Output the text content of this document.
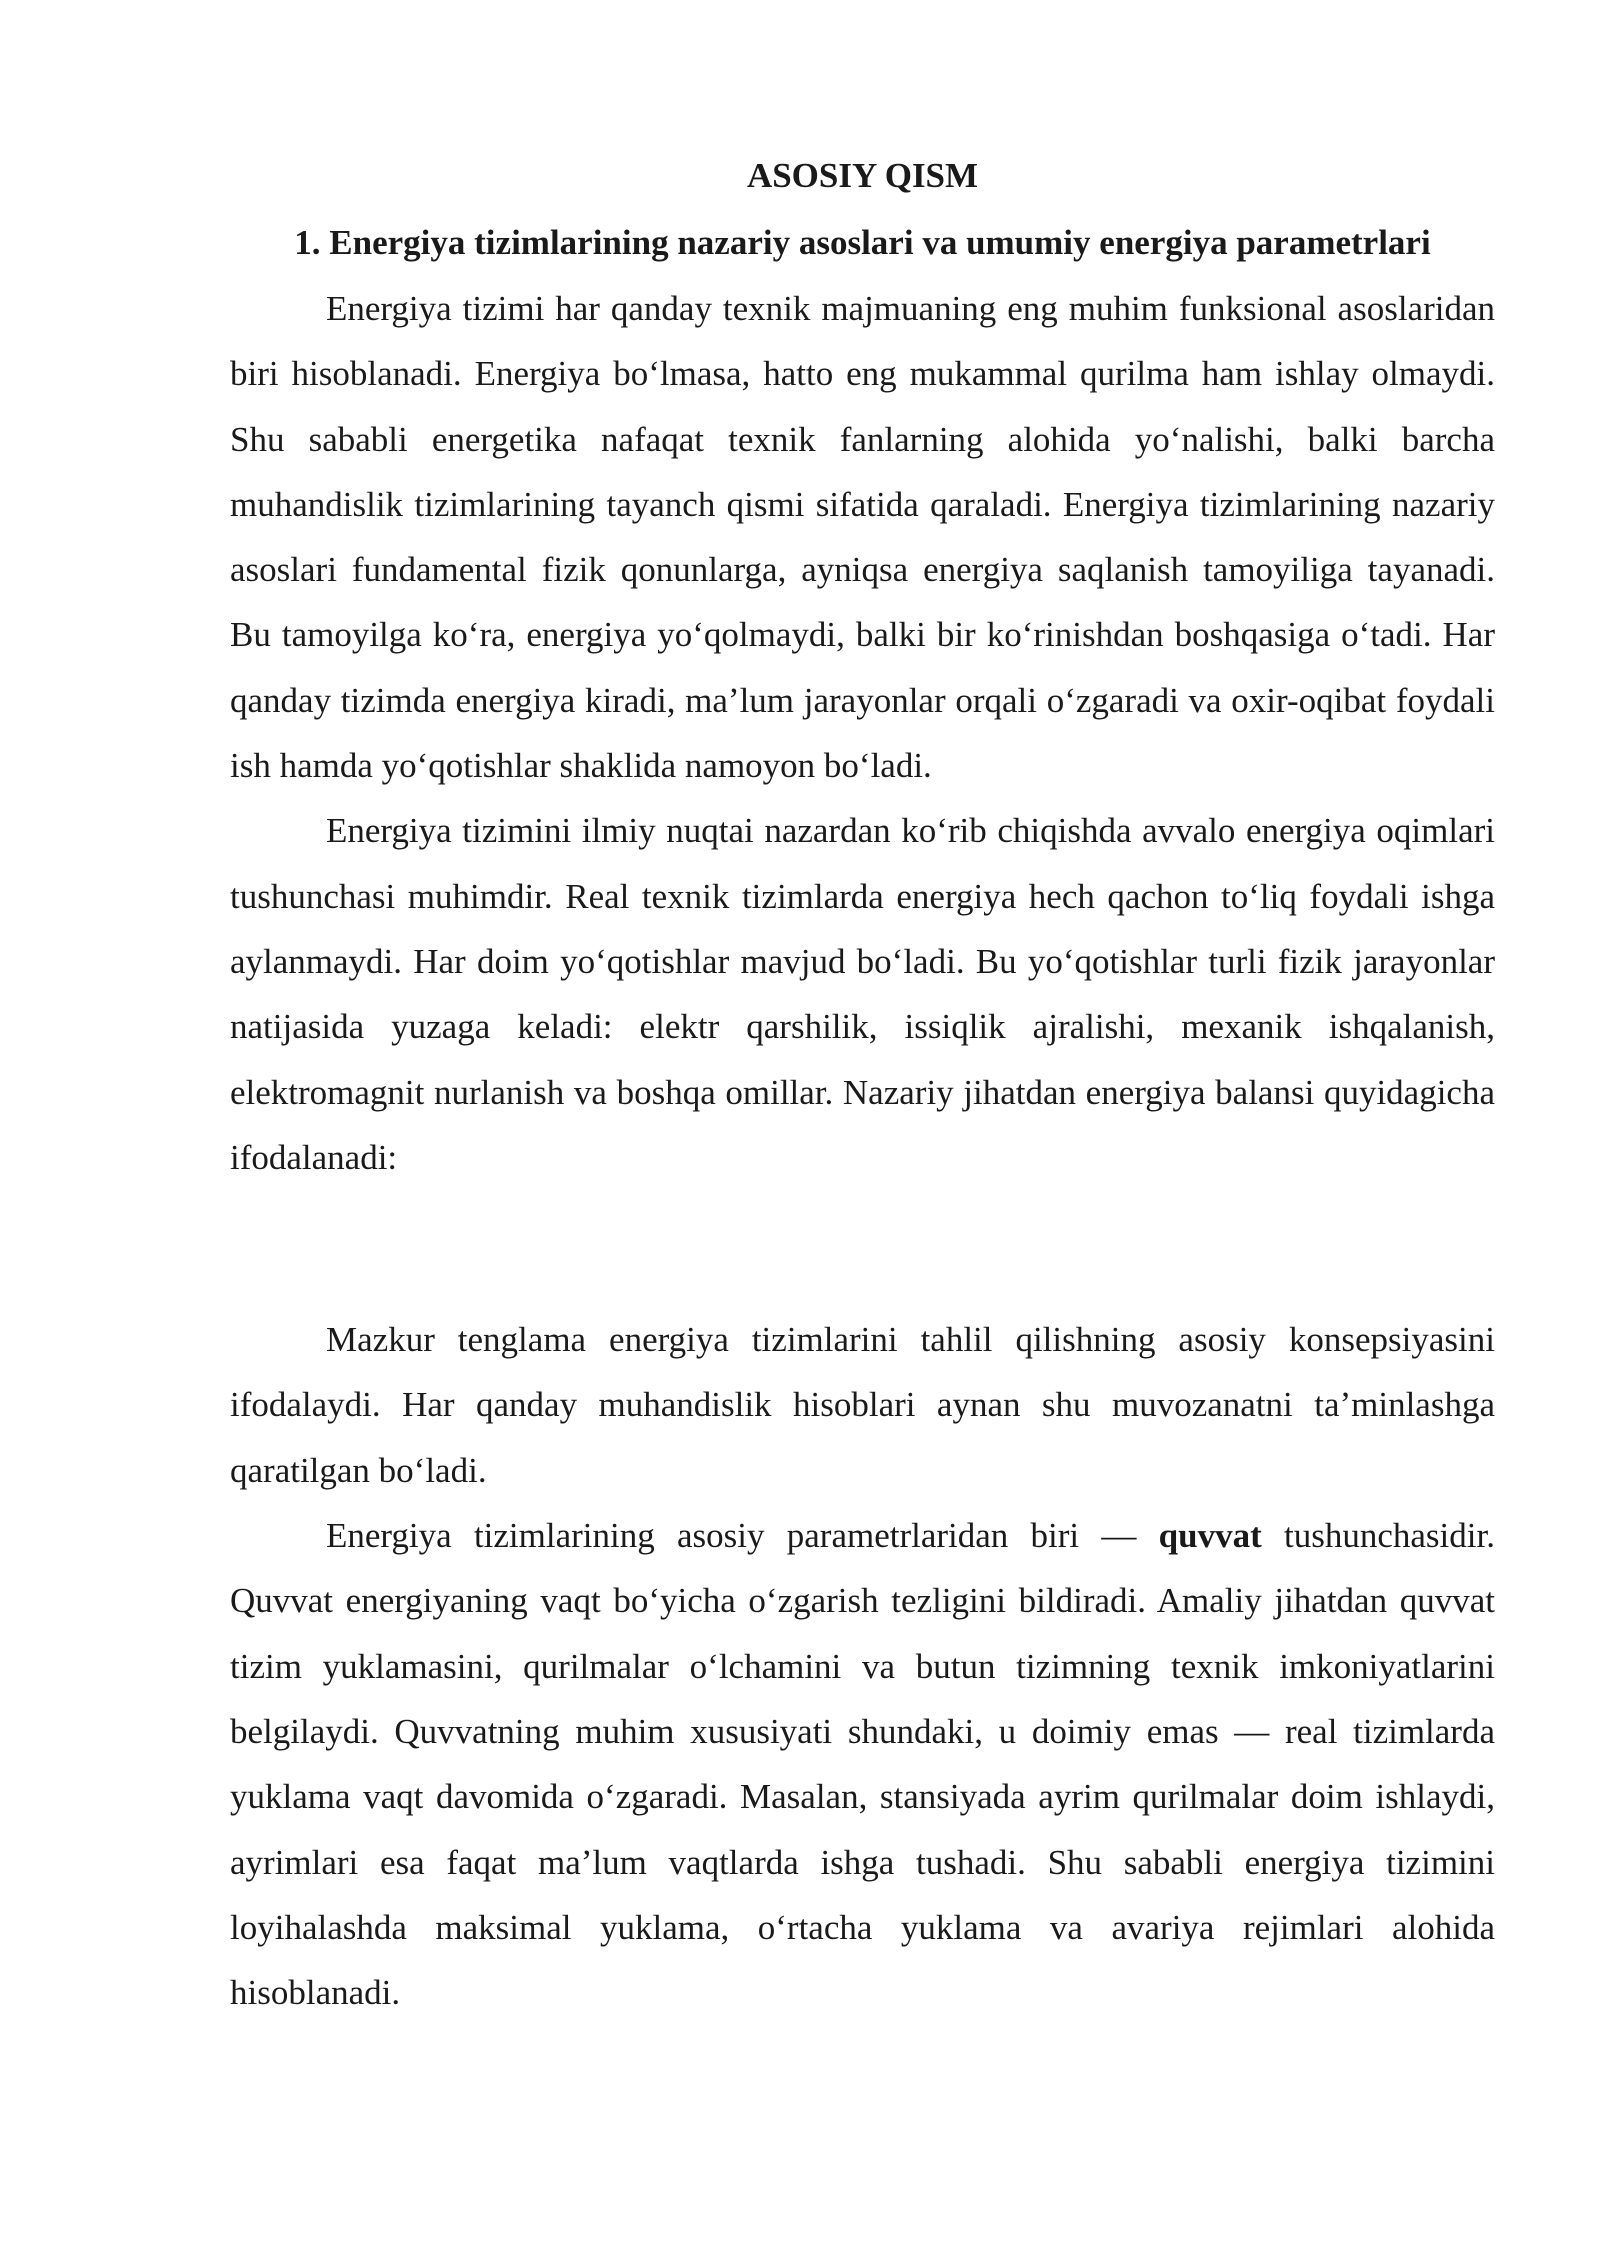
ASOSIY QISM
1. Energiya tizimlarining nazariy asoslari va umumiy energiya parametrlari

Energiya tizimi har qanday texnik majmuaning eng muhim funksional asoslaridan biri hisoblanadi. Energiya boʻlmasa, hatto eng mukammal qurilma ham ishlay olmaydi. Shu sababli energetika nafaqat texnik fanlarning alohida yoʻnalishi, balki barcha muhandislik tizimlarining tayanch qismi sifatida qaraladi. Energiya tizimlarining nazariy asoslari fundamental fizik qonunlarga, ayniqsa energiya saqlanish tamoyiliga tayanadi. Bu tamoyilga koʻra, energiya yoʻqolmaydi, balki bir koʻrinishdan boshqasiga oʻtadi. Har qanday tizimda energiya kiradi, maʼlum jarayonlar orqali oʻzgaradi va oxir-oqibat foydali ish hamda yoʻqotishlar shaklida namoyon boʻladi.

Energiya tizimini ilmiy nuqtai nazardan koʻrib chiqishda avvalo energiya oqimlari tushunchasi muhimdir. Real texnik tizimlarda energiya hech qachon toʻliq foydali ishga aylanmaydi. Har doim yoʻqotishlar mavjud boʻladi. Bu yoʻqotishlar turli fizik jarayonlar natijasida yuzaga keladi: elektr qarshilik, issiqlik ajralishi, mexanik ishqalanish, elektromagnit nurlanish va boshqa omillar. Nazariy jihatdan energiya balansi quyidagicha ifodalanadi:

Mazkur tenglama energiya tizimlarini tahlil qilishning asosiy konsepsiyasini ifodalaydi. Har qanday muhandislik hisoblari aynan shu muvozanatni taʼminlashga qaratilgan boʻladi.

Energiya tizimlarining asosiy parametrlaridan biri — quvvat tushunchasidir. Quvvat energiyaning vaqt boʻyicha oʻzgarish tezligini bildiradi. Amaliy jihatdan quvvat tizim yuklamasini, qurilmalar oʻlchamini va butun tizimning texnik imkoniyatlarini belgilaydi. Quvvatning muhim xususiyati shundaki, u doimiy emas — real tizimlarda yuklama vaqt davomida oʻzgaradi. Masalan, stansiyada ayrim qurilmalar doim ishlaydi, ayrimlari esa faqat maʼlum vaqtlarda ishga tushadi. Shu sababli energiya tizimini loyihalashda maksimal yuklama, oʻrtacha yuklama va avariya rejimlari alohida hisoblanadi.
